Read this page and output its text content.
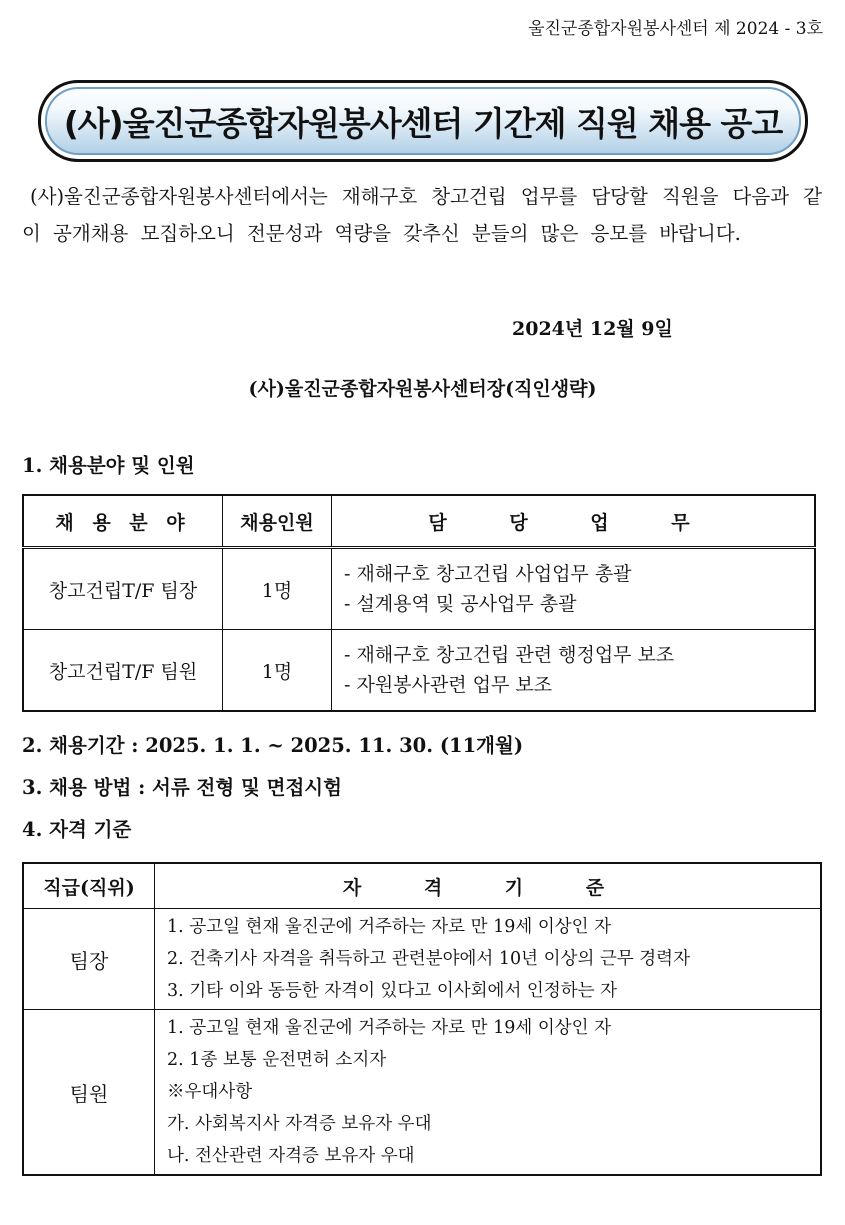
울진군종합자원봉사센터 제 2024 - 3호
(사)울진군종합자원봉사센터 기간제 직원 채용 공고
(사)울진군종합자원봉사센터에서는 재해구호 창고건립 업무를 담당할 직원을 다음과 같이 공개채용 모집하오니 전문성과 역량을 갖추신 분들의 많은 응모를 바랍니다.
2024년 12월 9일
(사)울진군종합자원봉사센터장(직인생략)
1. 채용분야 및 인원
채 용 분 야	채용인원	담 당 업 무
창고건립T/F 팀장	1명	- 재해구호 창고건립 사업업무 총괄
- 설계용역 및 공사업무 총괄

창고건립T/F 팀원	1명	- 재해구호 창고건립 관련 행정업무 보조
- 자원봉사관련 업무 보조
2. 채용기간 : 2025. 1. 1. ~ 2025. 11. 30. (11개월)
3. 채용 방법 : 서류 전형 및 면접시험
4. 자격 기준
직급(직위)	자 격 기 준
팀장	1. 공고일 현재 울진군에 거주하는 자로 만 19세 이상인 자
2. 건축기사 자격을 취득하고 관련분야에서 10년 이상의 근무 경력자
3. 기타 이와 동등한 자격이 있다고 이사회에서 인정하는 자

팀원	1. 공고일 현재 울진군에 거주하는 자로 만 19세 이상인 자
2. 1종 보통 운전면허 소지자
※우대사항
가. 사회복지사 자격증 보유자 우대
나. 전산관련 자격증 보유자 우대
